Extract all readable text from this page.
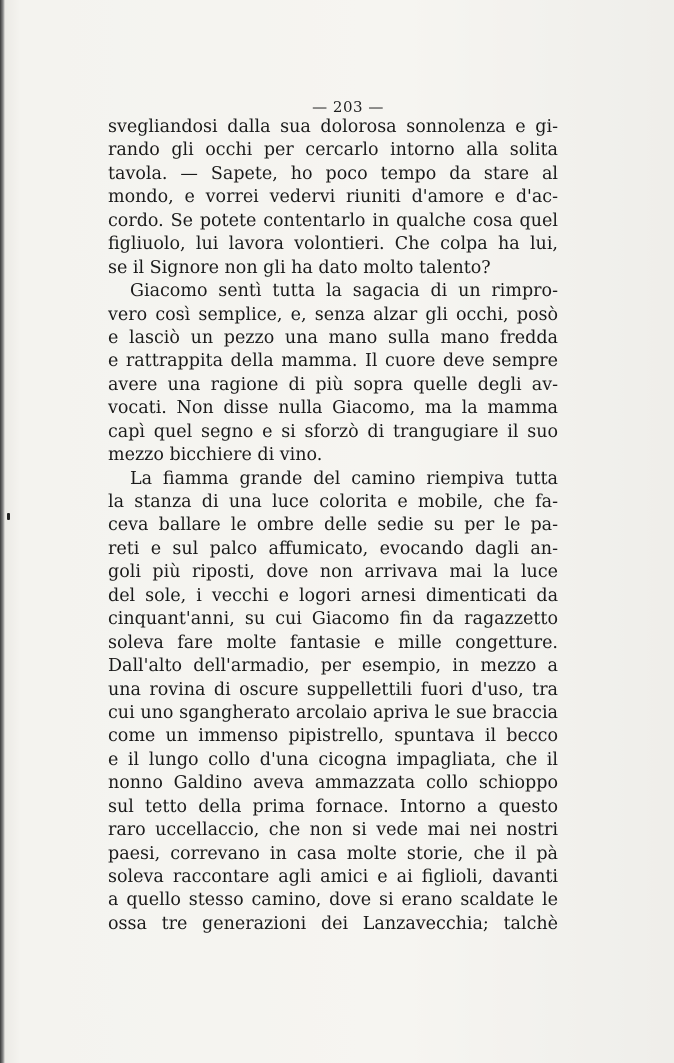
— 203 —
svegliandosi dalla sua dolorosa sonnolenza e gi-
rando gli occhi per cercarlo intorno alla solita
tavola. — Sapete, ho poco tempo da stare al
mondo, e vorrei vedervi riuniti d'amore e d'ac-
cordo. Se potete contentarlo in qualche cosa quel
figliuolo, lui lavora volontieri. Che colpa ha lui,
se il Signore non gli ha dato molto talento?
Giacomo sentì tutta la sagacia di un rimpro-
vero così semplice, e, senza alzar gli occhi, posò
e lasciò un pezzo una mano sulla mano fredda
e rattrappita della mamma. Il cuore deve sempre
avere una ragione di più sopra quelle degli av-
vocati. Non disse nulla Giacomo, ma la mamma
capì quel segno e si sforzò di trangugiare il suo
mezzo bicchiere di vino.
La fiamma grande del camino riempiva tutta
la stanza di una luce colorita e mobile, che fa-
ceva ballare le ombre delle sedie su per le pa-
reti e sul palco affumicato, evocando dagli an-
goli più riposti, dove non arrivava mai la luce
del sole, i vecchi e logori arnesi dimenticati da
cinquant'anni, su cui Giacomo fin da ragazzetto
soleva fare molte fantasie e mille congetture.
Dall'alto dell'armadio, per esempio, in mezzo a
una rovina di oscure suppellettili fuori d'uso, tra
cui uno sgangherato arcolaio apriva le sue braccia
come un immenso pipistrello, spuntava il becco
e il lungo collo d'una cicogna impagliata, che il
nonno Galdino aveva ammazzata collo schioppo
sul tetto della prima fornace. Intorno a questo
raro uccellaccio, che non si vede mai nei nostri
paesi, correvano in casa molte storie, che il pà
soleva raccontare agli amici e ai figlioli, davanti
a quello stesso camino, dove si erano scaldate le
ossa tre generazioni dei Lanzavecchia; talchè
